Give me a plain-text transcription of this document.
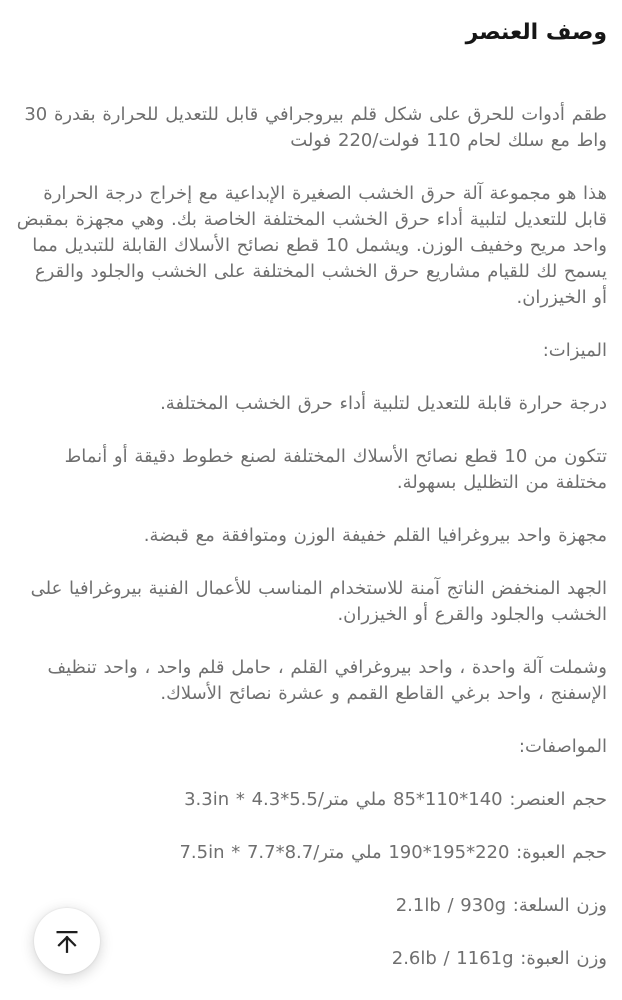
وصف العنصر

طقم أدوات للحرق على شكل قلم بيروجرافي قابل للتعديل للحرارة بقدرة 30 واط مع سلك لحام 110 فولت/220 فولت

هذا هو مجموعة آلة حرق الخشب الصغيرة الإبداعية مع إخراج درجة الحرارة قابل للتعديل لتلبية أداء حرق الخشب المختلفة الخاصة بك. وهي مجهزة بمقبض واحد مريح وخفيف الوزن. ويشمل 10 قطع نصائح الأسلاك القابلة للتبديل مما يسمح لك للقيام مشاريع حرق الخشب المختلفة على الخشب والجلود والقرع أو الخيزران.

الميزات:

درجة حرارة قابلة للتعديل لتلبية أداء حرق الخشب المختلفة.

تتكون من 10 قطع نصائح الأسلاك المختلفة لصنع خطوط دقيقة أو أنماط مختلفة من التظليل بسهولة.

مجهزة واحد بيروغرافيا القلم خفيفة الوزن ومتوافقة مع قبضة.

الجهد المنخفض الناتج آمنة للاستخدام المناسب للأعمال الفنية بيروغرافيا على الخشب والجلود والقرع أو الخيزران.

وشملت آلة واحدة ، واحد بيروغرافي القلم ، حامل قلم واحد ، واحد تنظيف الإسفنج ، واحد برغي القاطع القمم و عشرة نصائح الأسلاك.

المواصفات:

حجم العنصر: 140*110*85 ملي متر/5.5*4.3 * 3.3in

حجم العبوة: 220*195*190 ملي متر/8.7*7.7 * 7.5in

وزن السلعة: 2.1lb / 930g

وزن العبوة: 2.6lb / 1161g
